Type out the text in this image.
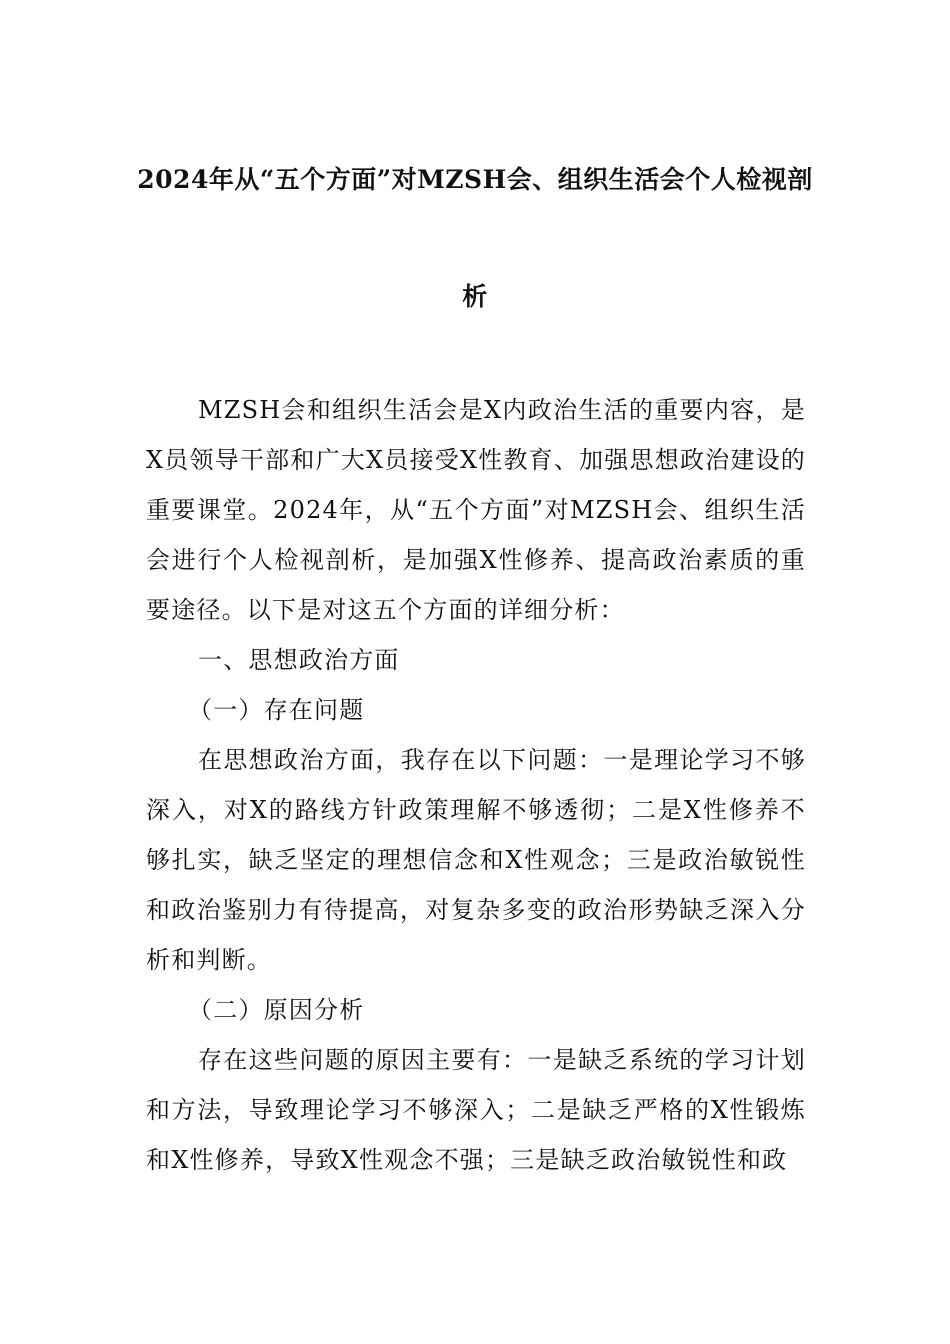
2024年从“五个方面”对MZSH会、组织生活会个人检视剖
析

MZSH会和组织生活会是X内政治生活的重要内容，是X员领导干部和广大X员接受X性教育、加强思想政治建设的重要课堂。2024年，从“五个方面”对MZSH会、组织生活会进行个人检视剖析，是加强X性修养、提高政治素质的重要途径。以下是对这五个方面的详细分析：

一、思想政治方面

（一）存在问题

在思想政治方面，我存在以下问题：一是理论学习不够深入，对X的路线方针政策理解不够透彻；二是X性修养不够扎实，缺乏坚定的理想信念和X性观念；三是政治敏锐性和政治鉴别力有待提高，对复杂多变的政治形势缺乏深入分析和判断。

（二）原因分析

存在这些问题的原因主要有：一是缺乏系统的学习计划和方法，导致理论学习不够深入；二是缺乏严格的X性锻炼和X性修养，导致X性观念不强；三是缺乏政治敏锐性和政
